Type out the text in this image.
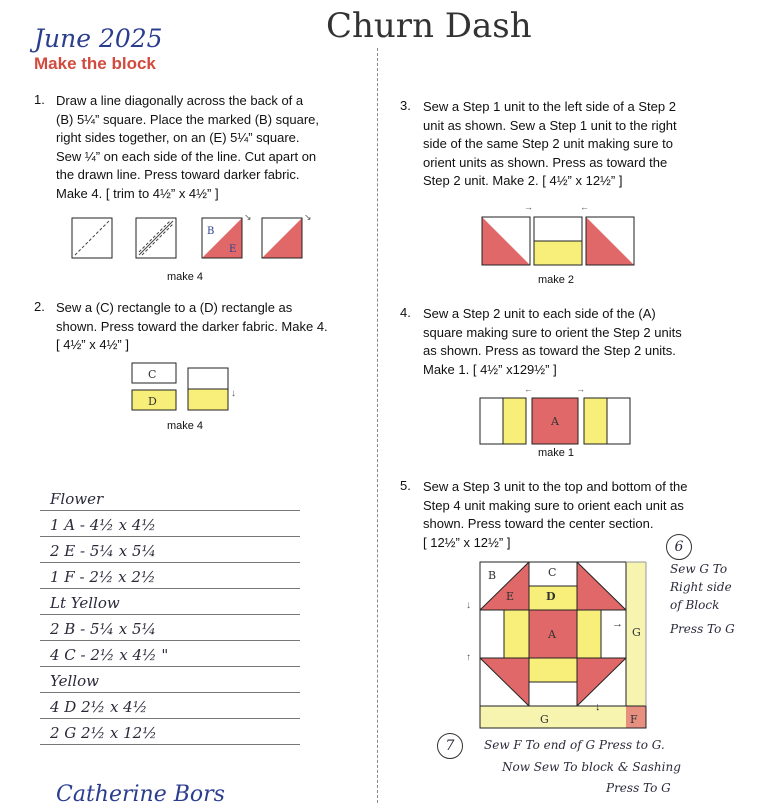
June 2025
Make the block
Churn Dash
1. Draw a line diagonally across the back of a
(B) 5¼” square. Place the marked (B) square,
right sides together, on an (E) 5¼” square.
Sew ¼” on each side of the line. Cut apart on
the drawn line. Press toward darker fabric.
Make 4. [ trim to 4½” x 4½” ]
B
E
↘	↘
make 4
2. Sew a (C) rectangle to a (D) rectangle as
shown. Press toward the darker fabric. Make 4.
[ 4½” x 4½” ]
C
D
↓
make 4
3. Sew a Step 1 unit to the left side of a Step 2
unit as shown. Sew a Step 1 unit to the right
side of the same Step 2 unit making sure to
orient units as shown. Press as toward the
Step 2 unit. Make 2. [ 4½” x 12½” ]
→	←
make 2
4. Sew a Step 2 unit to each side of the (A)
square making sure to orient the Step 2 units
as shown. Press as toward the Step 2 units.
Make 1. [ 4½” x129½” ]
←	→
A
make 1
5. Sew a Step 3 unit to the top and bottom of the
Step 4 unit making sure to orient each unit as
shown. Press toward the center section.
[ 12½” x 12½” ]
B	C
E	D
A	G
G	F
↓
↑
→
↓
6
Sew G To
Right side
of Block
Press To G
7	Sew F To end of G Press to G.
Now Sew To block & Sashing
Press To G
Flower
1 A - 4½ x 4½
2 E - 5¼ x 5¼
1 F - 2½ x 2½
Lt Yellow
2 B - 5¼ x 5¼
4 C - 2½ x 4½ "
Yellow
4 D 2½ x 4½
2 G 2½ x 12½
Catherine Bors
